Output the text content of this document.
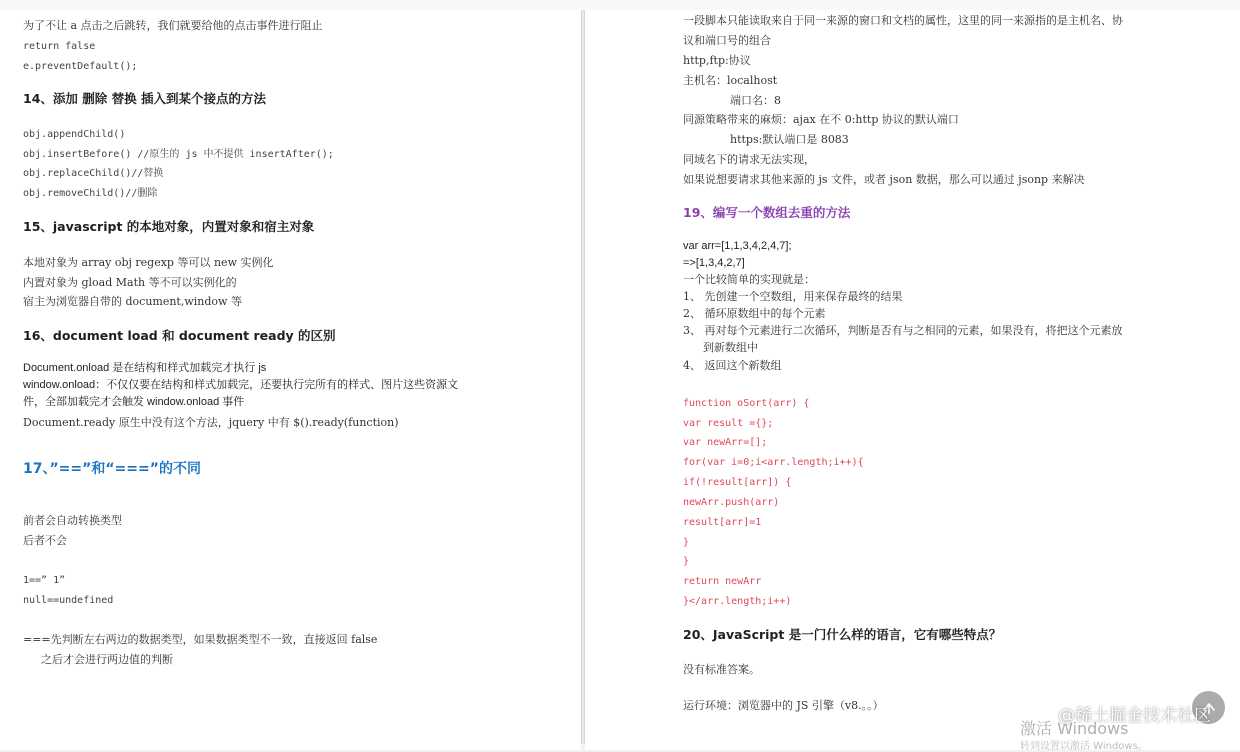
为了不让 a 点击之后跳转，我们就要给他的点击事件进行阻止
return false
e.preventDefault();
14、添加 删除 替换 插入到某个接点的方法
obj.appendChild()
obj.insertBefore() //原生的 js 中不提供 insertAfter();
obj.replaceChild()//替换
obj.removeChild()//删除
15、javascript 的本地对象，内置对象和宿主对象
本地对象为 array obj regexp 等可以 new 实例化
内置对象为 gload Math 等不可以实例化的
宿主为浏览器自带的 document,window 等
16、document load 和 document ready 的区别
Document.onload 是在结构和样式加载完才执行 js
window.onload：不仅仅要在结构和样式加载完，还要执行完所有的样式、图片这些资源文
件，全部加载完才会触发 window.onload 事件
Document.ready 原生中没有这个方法，jquery 中有 $().ready(function)
17、”==”和“===”的不同
前者会自动转换类型
后者不会
1==” 1”
null==undefined
===先判断左右两边的数据类型，如果数据类型不一致，直接返回 false
之后才会进行两边值的判断
一段脚本只能读取来自于同一来源的窗口和文档的属性，这里的同一来源指的是主机名、协
议和端口号的组合
http,ftp:协议
主机名：localhost
端口名：8
同源策略带来的麻烦：ajax 在不 0:http 协议的默认端口
https:默认端口是 8083
同域名下的请求无法实现，
如果说想要请求其他来源的 js 文件，或者 json 数据，那么可以通过 jsonp 来解决
19、编写一个数组去重的方法
var arr=[1,1,3,4,2,4,7];
=>[1,3,4,2,7]
一个比较简单的实现就是：
1、 先创建一个空数组，用来保存最终的结果
2、 循环原数组中的每个元素
3、 再对每个元素进行二次循环，判断是否有与之相同的元素，如果没有，将把这个元素放
到新数组中
4、 返回这个新数组
function oSort(arr) {
var result ={};
var newArr=[];
for(var i=0;i<arr.length;i++){
if(!result[arr]) {
newArr.push(arr)
result[arr]=1
}
}
return newArr
}</arr.length;i++)
20、JavaScript 是一门什么样的语言，它有哪些特点？
没有标准答案。
运行环境：浏览器中的 JS 引擎（v8.。。）
激活 Windows
转到设置以激活 Windows。
@稀土掘金技术社区
